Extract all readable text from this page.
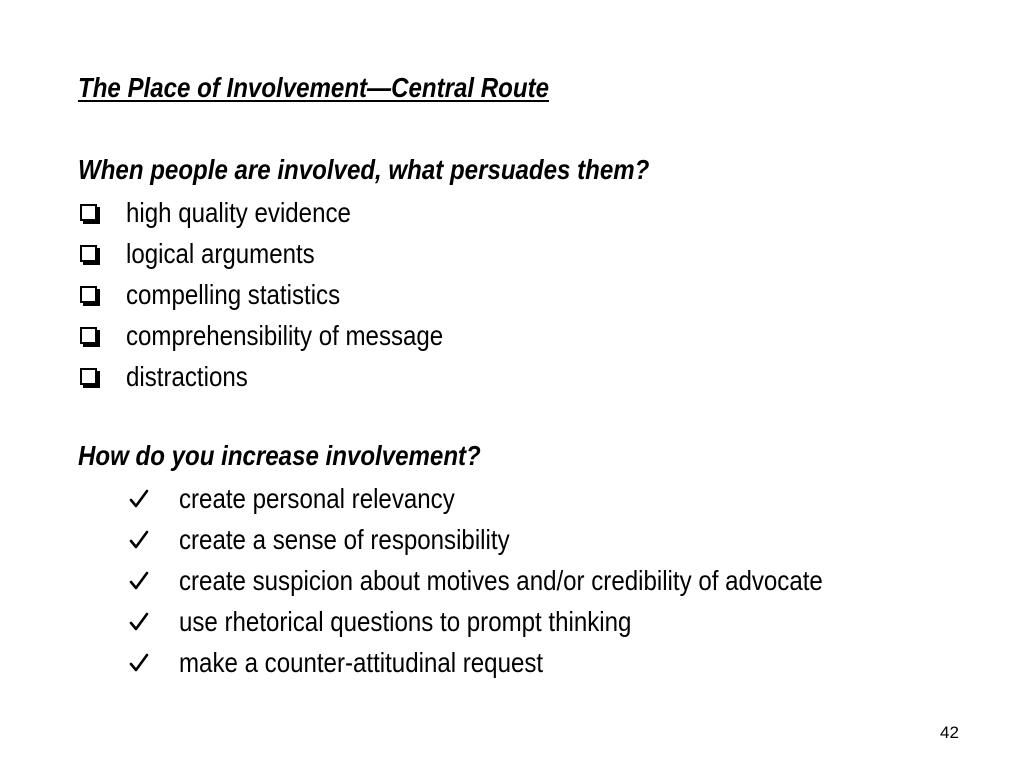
The Place of Involvement—Central Route
When people are involved, what persuades them?
high quality evidence
logical arguments
compelling statistics
comprehensibility of message
distractions
How do you increase involvement?
create personal relevancy
create a sense of responsibility
create suspicion about motives and/or credibility of advocate
use rhetorical questions to prompt thinking
make a counter-attitudinal request
42
